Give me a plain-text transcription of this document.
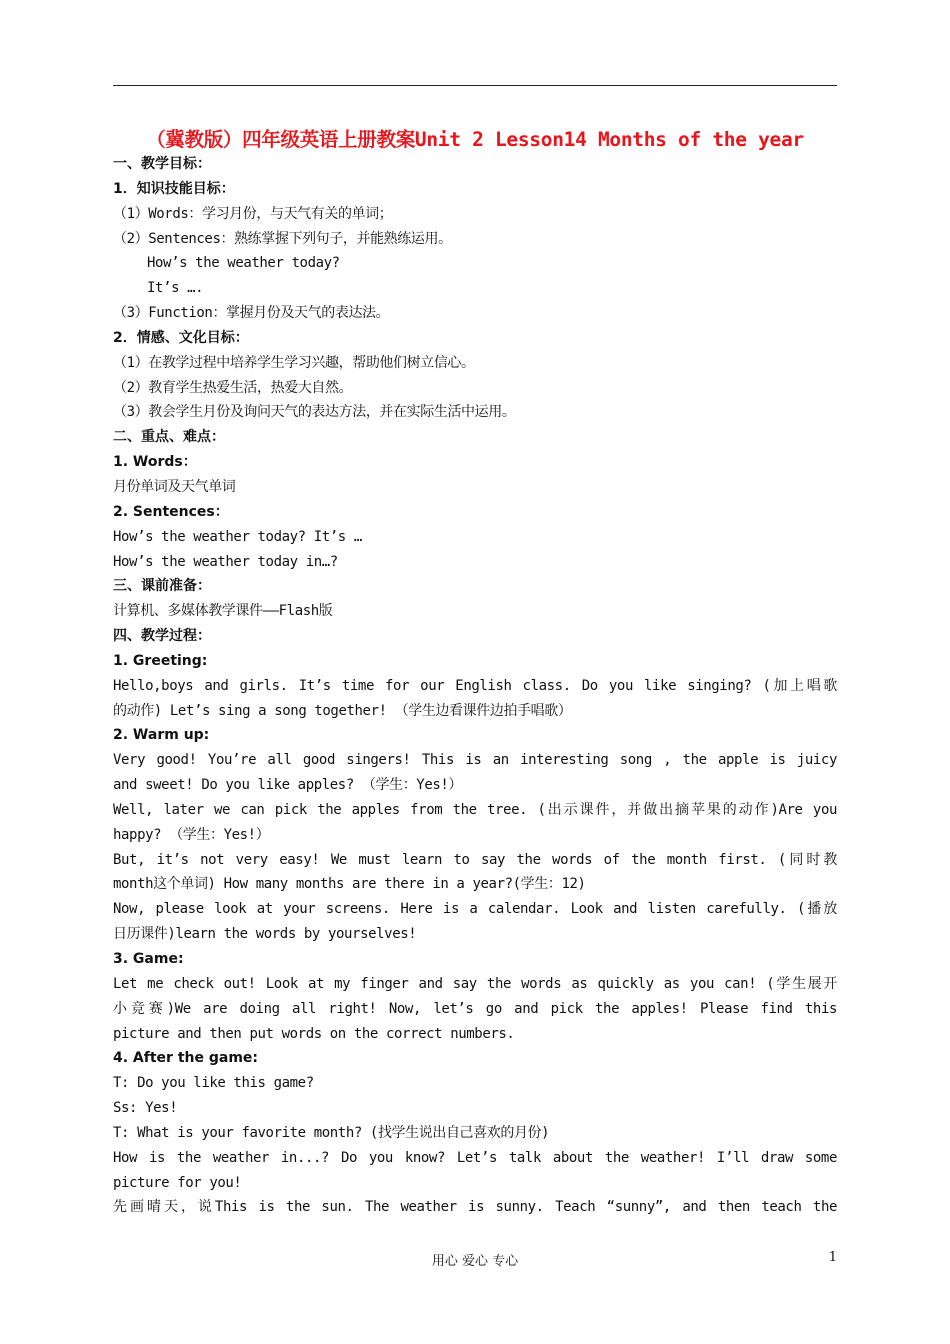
（冀教版）四年级英语上册教案Unit 2 Lesson14 Months of the year
一、教学目标：
1．知识技能目标：
（1）Words：学习月份，与天气有关的单词；
（2）Sentences：熟练掌握下列句子，并能熟练运用。
How’s the weather today?
It’s ….
（3）Function：掌握月份及天气的表达法。
2．情感、文化目标：
（1）在教学过程中培养学生学习兴趣，帮助他们树立信心。
（2）教育学生热爱生活，热爱大自然。
（3）教会学生月份及询问天气的表达方法，并在实际生活中运用。
二、重点、难点：
1. Words：
月份单词及天气单词
2. Sentences：
How’s the weather today? It’s …
How’s the weather today in…?
三、课前准备：
计算机、多媒体教学课件——Flash版
四、教学过程：
1. Greeting:
Hello,boys and girls. It’s time for our English class. Do you like singing? (加上唱歌
的动作) Let’s sing a song together! （学生边看课件边拍手唱歌）
2. Warm up:
Very good! You’re all good singers! This is an interesting song , the apple is juicy
and sweet! Do you like apples? （学生：Yes!）
Well, later we can pick the apples from the tree. (出示课件，并做出摘苹果的动作)Are you
happy? （学生：Yes!）
But, it’s not very easy! We must learn to say the words of the month first. (同时教
month这个单词) How many months are there in a year?(学生：12)
Now, please look at your screens. Here is a calendar. Look and listen carefully. (播放
日历课件)learn the words by yourselves!
3. Game:
Let me check out! Look at my finger and say the words as quickly as you can! (学生展开
小竞赛)We are doing all right! Now, let’s go and pick the apples! Please find this
picture and then put words on the correct numbers.
4. After the game:
T: Do you like this game?
Ss: Yes!
T: What is your favorite month? (找学生说出自己喜欢的月份)
How is the weather in...? Do you know? Let’s talk about the weather! I’ll draw some
picture for you!
先画晴天，说This is the sun. The weather is sunny. Teach “sunny”, and then teach the
用心 爱心 专心	1
